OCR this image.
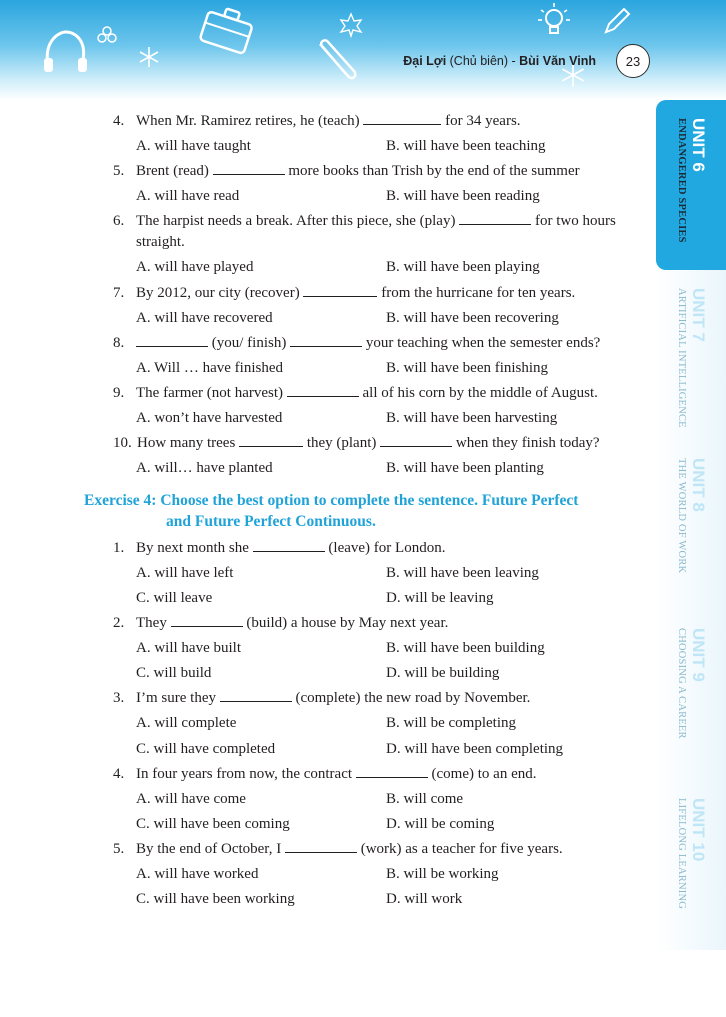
Đại Lợi (Chủ biên) - Bùi Văn Vinh	23
4. When Mr. Ramirez retires, he (teach)	for 34 years.
A. will have taught	B. will have been teaching
5. Brent (read)	more books than Trish by the end of the summer
A. will have read	B. will have been reading
6. The harpist needs a break. After this piece, she (play)	for two hours
straight.
A. will have played	B. will have been playing
7. By 2012, our city (recover)	from the hurricane for ten years.
A. will have recovered	B. will have been recovering
8.	(you/ finish)	your teaching when the semester ends?
A. Will … have finished	B. will have been finishing
9. The farmer (not harvest)	all of his corn by the middle of August.
A. won’t have harvested	B. will have been harvesting
10. How many trees	they (plant)	when they finish today?
A. will… have planted	B. will have been planting
1. By next month she	(leave) for London.
A. will have left	B. will have been leaving
C. will leave	D. will be leaving
2. They	(build) a house by May next year.
A. will have built	B. will have been building
C. will build	D. will be building
3. I’m sure they	(complete) the new road by November.
A. will complete	B. will be completing
C. will have completed	D. will have been completing
4. In four years from now, the contract	(come) to an end.
A. will have come	B. will come
C. will have been coming	D. will be coming
5. By the end of October, I	(work) as a teacher for five years.
A. will have worked	B. will be working
C. will have been working	D. will work
Exercise 4: Choose the best option to complete the sentence. Future Perfect
and Future Perfect Continuous.
UNIT 6
ENDANGERED SPECIES
UNIT 7
ARTIFICIAL INTELLIGENCE
UNIT 8
THE WORLD OF WORK
UNIT 9
CHOOSING A CAREER
UNIT 10
LIFELONG LEARNING
